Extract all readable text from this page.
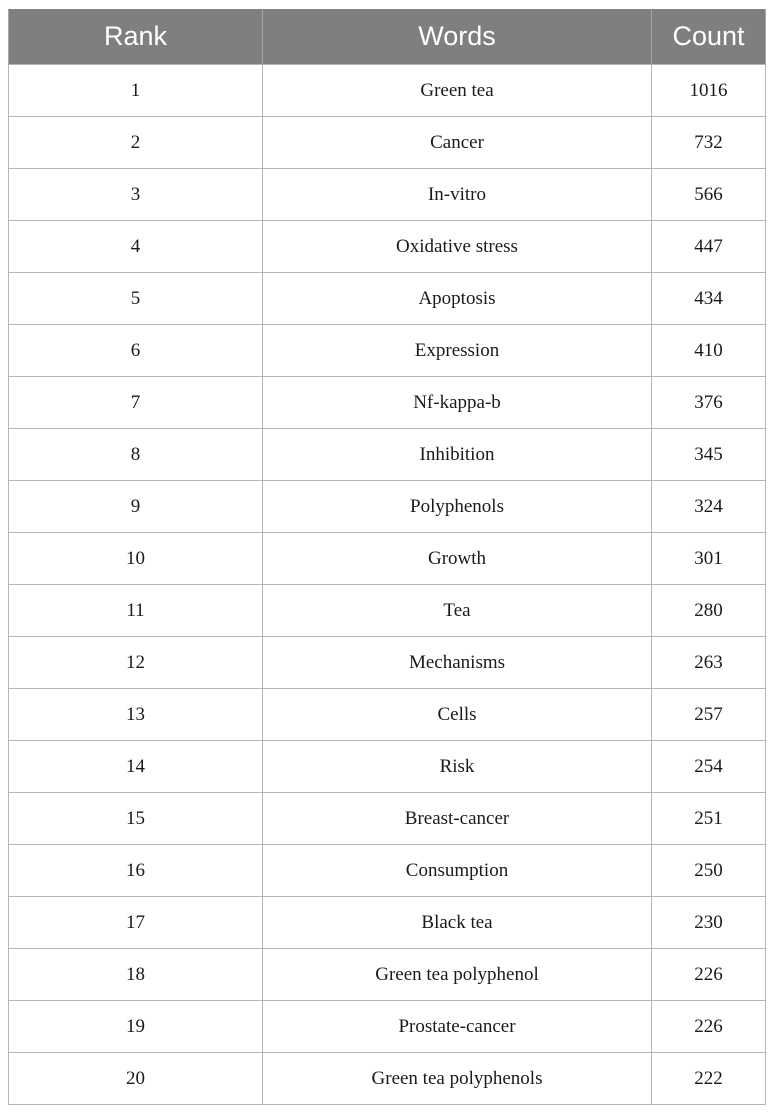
Rank	Words	Count
1	Green tea	1016
2	Cancer	732
3	In-vitro	566
4	Oxidative stress	447
5	Apoptosis	434
6	Expression	410
7	Nf-kappa-b	376
8	Inhibition	345
9	Polyphenols	324
10	Growth	301
11	Tea	280
12	Mechanisms	263
13	Cells	257
14	Risk	254
15	Breast-cancer	251
16	Consumption	250
17	Black tea	230
18	Green tea polyphenol	226
19	Prostate-cancer	226
20	Green tea polyphenols	222
